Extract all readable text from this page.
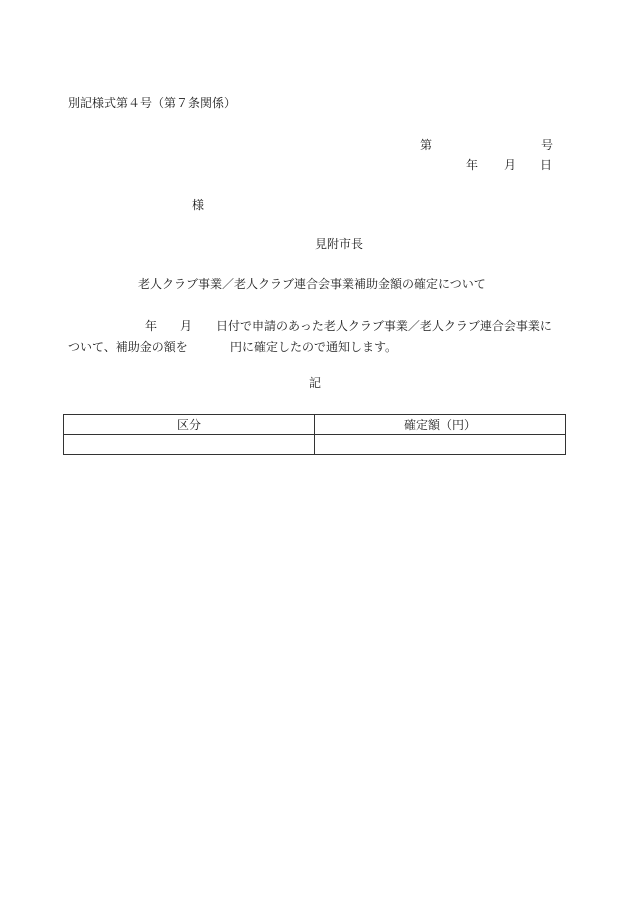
別記様式第４号（第７条関係）
第	号
年 月 日
様
見附市長
老人クラブ事業／老人クラブ連合会事業補助金額の確定について
年 月 日付で申請のあった老人クラブ事業／老人クラブ連合会事業に
ついて、補助金の額を	円に確定したので通知します。
記
区分	確定額（円）
